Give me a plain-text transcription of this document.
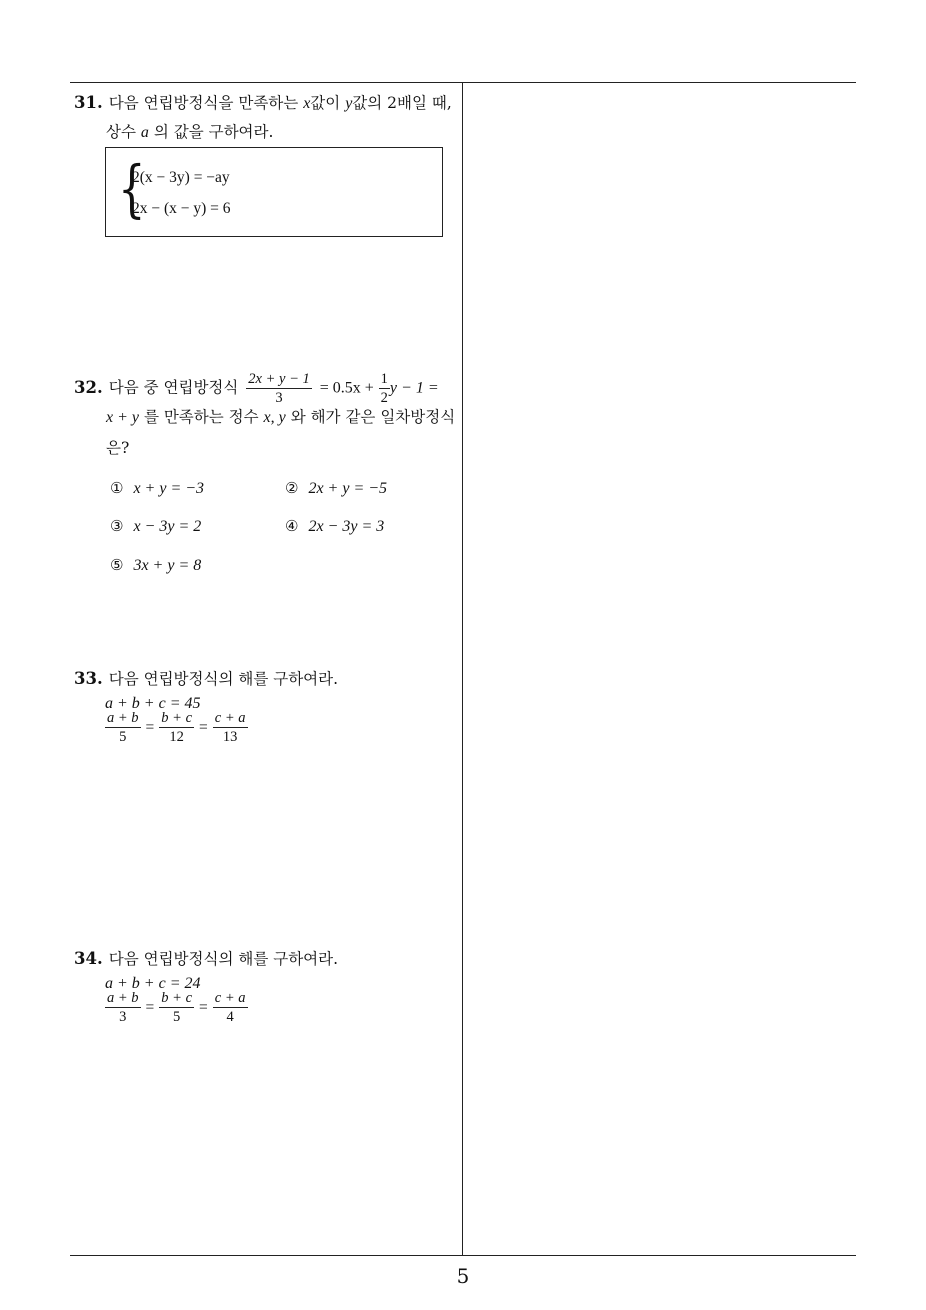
31. 다음 연립방정식을 만족하는 x값이 y값의 2배일 때,
상수 a 의 값을 구하여라.
{
2(x − 3y) = −ay
2x − (x − y) = 6
32. 다음 중 연립방정식 $\frac{2x + y - 1}{3} = 0.5x + \frac{1}{2}$ y − 1 =
x + y 를 만족하는 정수 x, y 와 해가 같은 일차방정식
은?
① x + y = −3	② 2x + y = −5
③ x − 3y = 2	④ 2x − 3y = 3
⑤ 3x + y = 8
33. 다음 연립방정식의 해를 구하여라.
a + b + c = 45
$\frac{a + b}{5} = \frac{b + c}{12} = \frac{c + a}{13}$
34. 다음 연립방정식의 해를 구하여라.
a + b + c = 24
$\frac{a + b}{3} = \frac{b + c}{5} = \frac{c + a}{4}$
5
